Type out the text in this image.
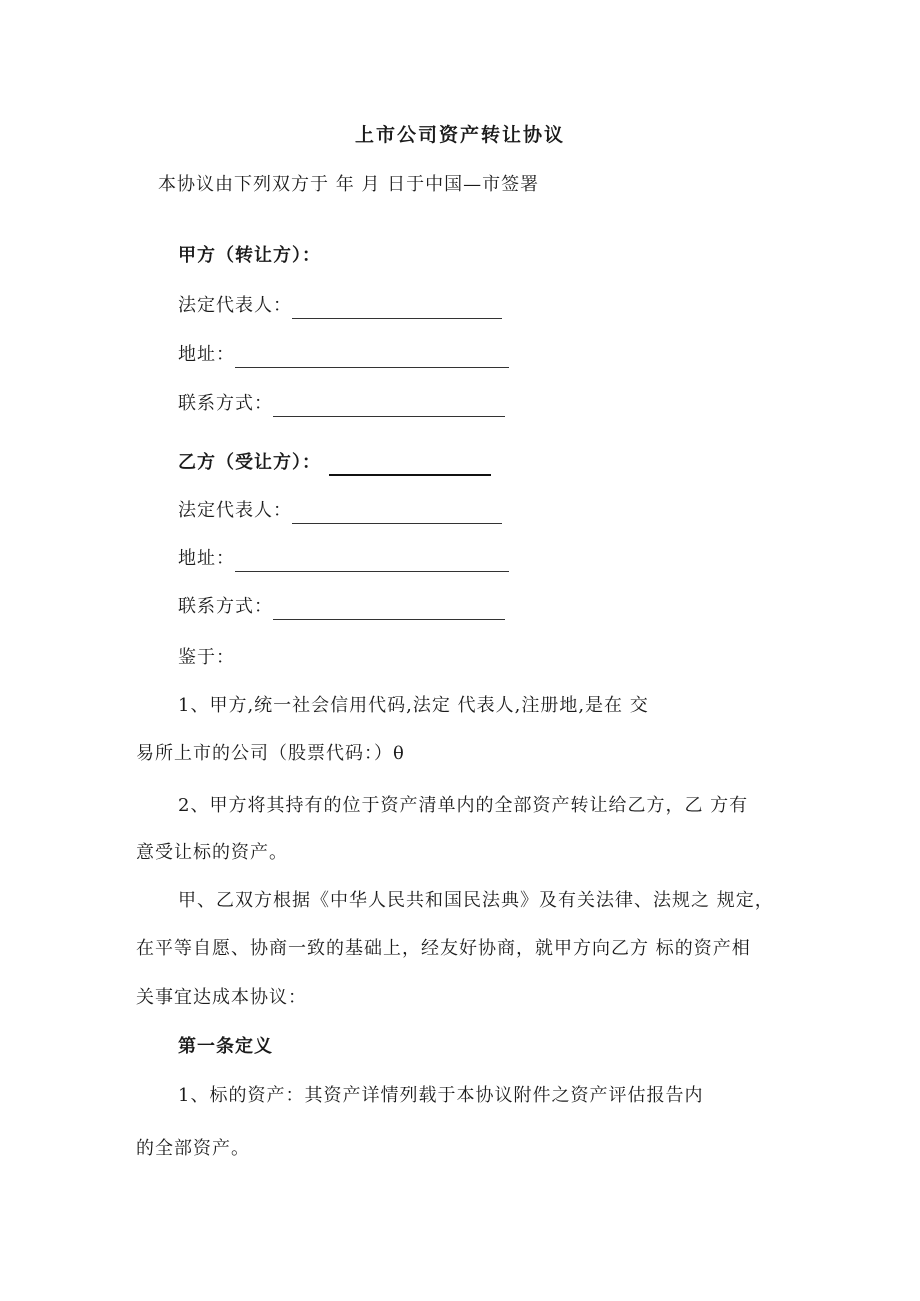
上市公司资产转让协议
本协议由下列双方于 年 月 日于中国—市签署
甲方（转让方）：
法定代表人：
地址：
联系方式：
乙方（受让方）：
法定代表人：
地址：
联系方式：
鉴于：
1、甲方,统一社会信用代码,法定 代表人,注册地,是在 交
易所上市的公司（股票代码：）θ
2、甲方将其持有的位于资产清单内的全部资产转让给乙方，乙 方有
意受让标的资产。
甲、乙双方根据《中华人民共和国民法典》及有关法律、法规之 规定，
在平等自愿、协商一致的基础上，经友好协商，就甲方向乙方 标的资产相
关事宜达成本协议：
第一条定义
1、标的资产：其资产详情列载于本协议附件之资产评估报告内
的全部资产。
